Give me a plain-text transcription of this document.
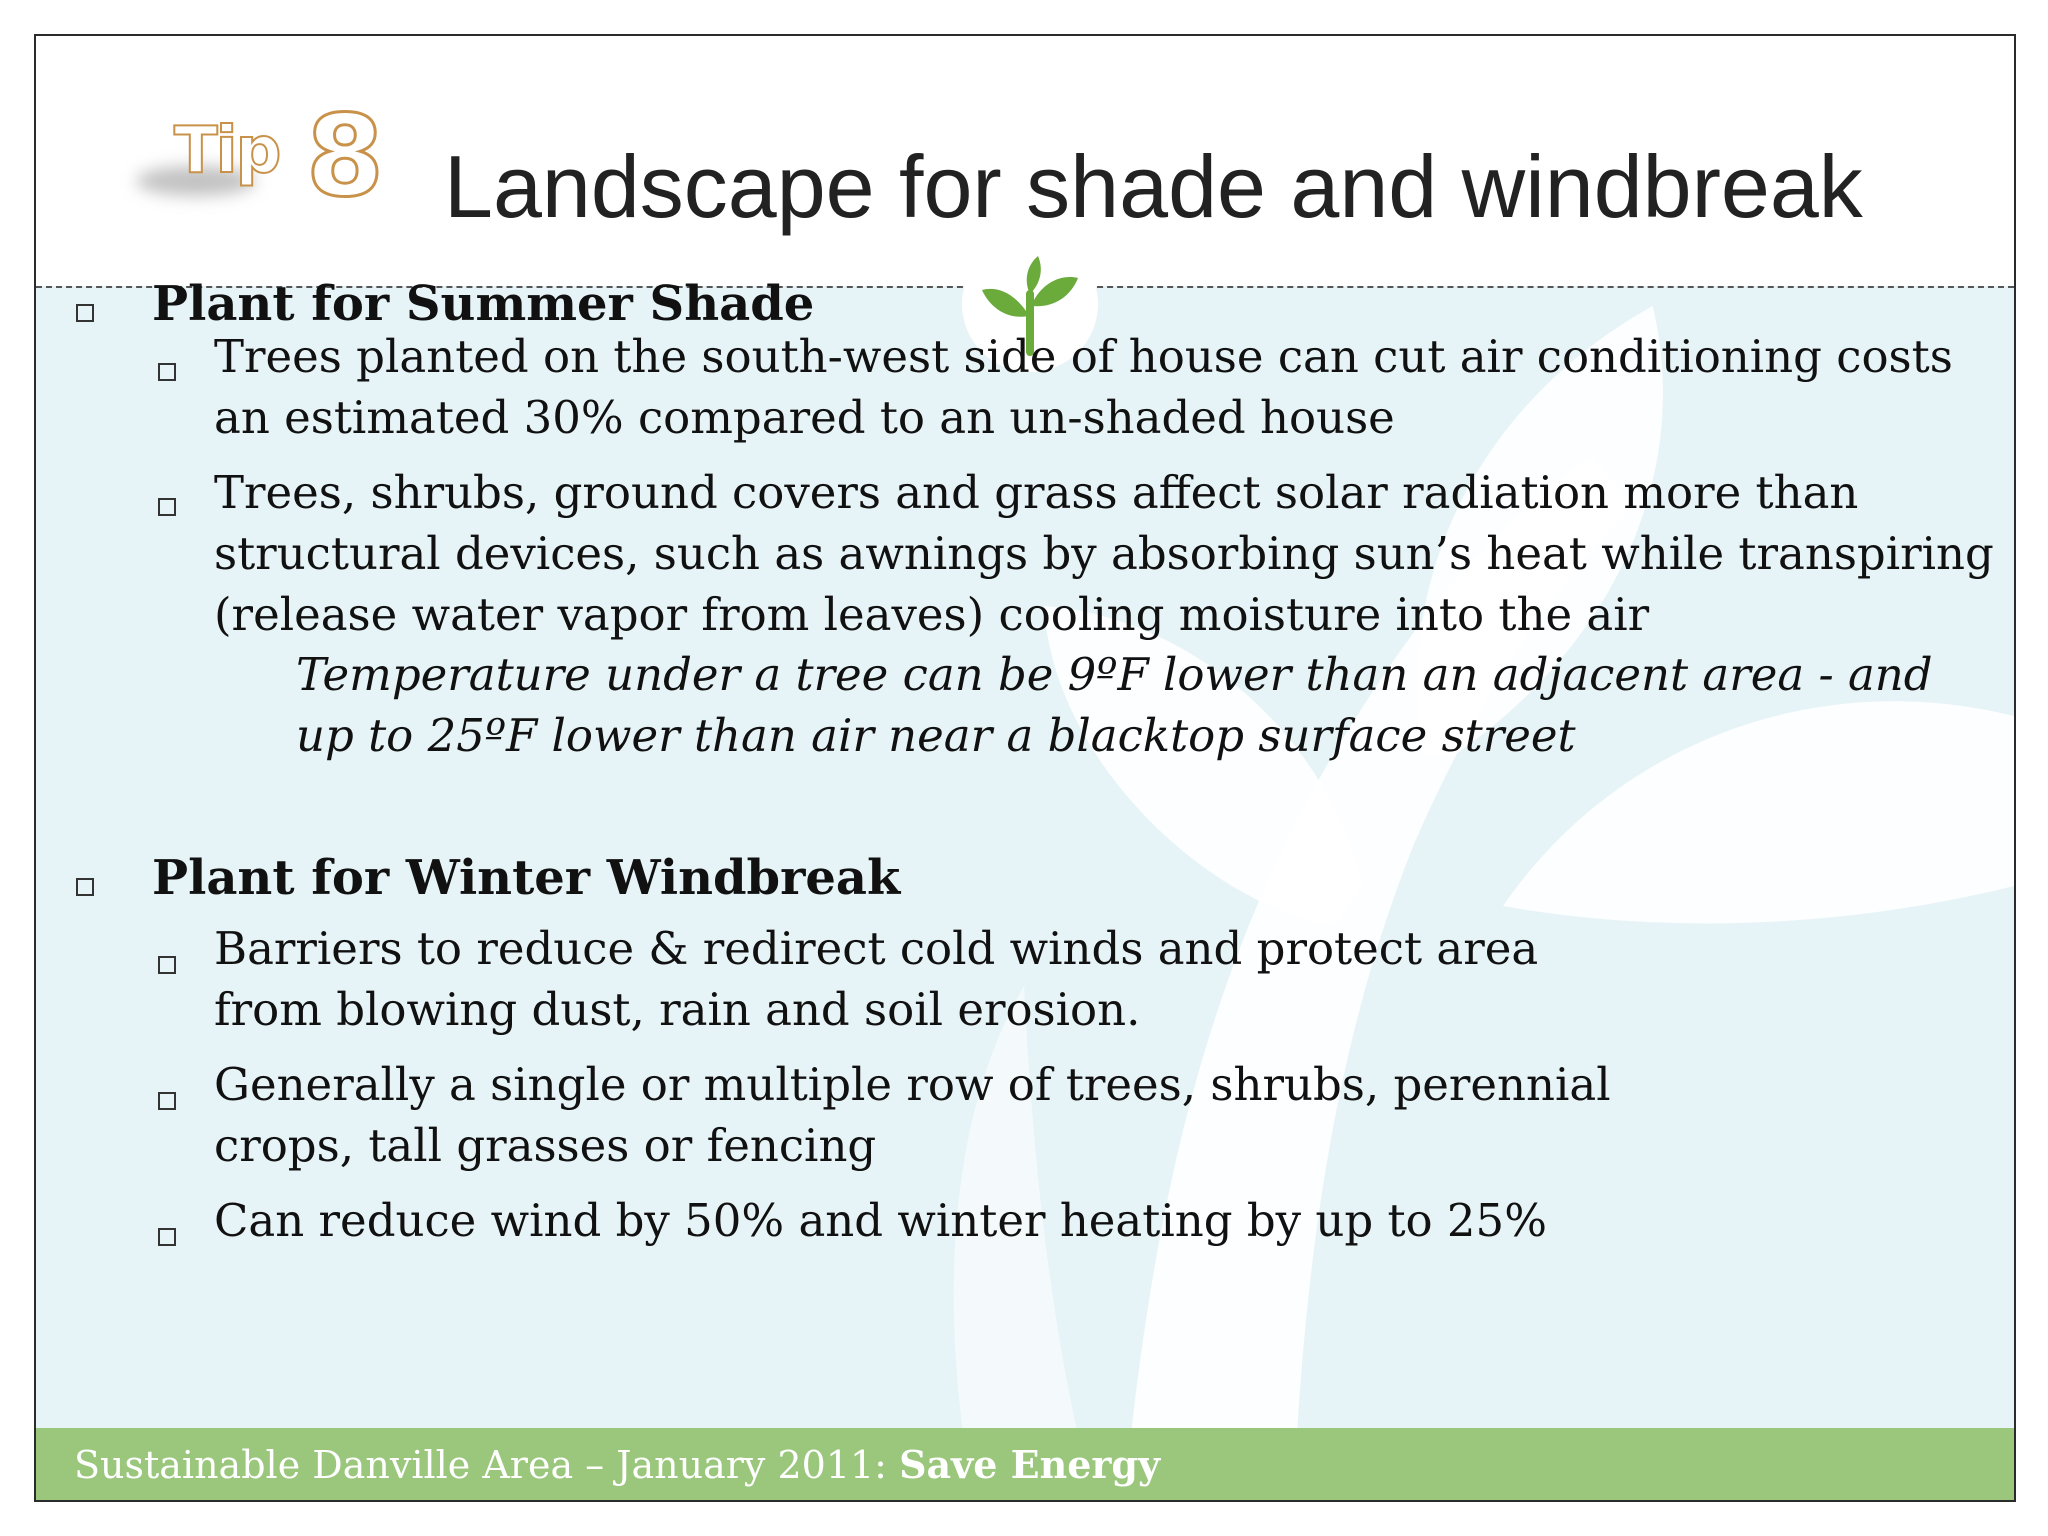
Tip 8 Landscape for shade and windbreak
Plant for Summer Shade
Trees planted on the south-west side of house can cut air conditioning costs an estimated 30% compared to an un-shaded house
Trees, shrubs, ground covers and grass affect solar radiation more than structural devices, such as awnings by absorbing sun’s heat while transpiring (release water vapor from leaves) cooling moisture into the air
Temperature under a tree can be 9ºF lower than an adjacent area - and up to 25ºF lower than air near a blacktop surface street
Plant for Winter Windbreak
Barriers to reduce & redirect cold winds and protect area from blowing dust, rain and soil erosion.
Generally a single or multiple row of trees, shrubs, perennial crops, tall grasses or fencing
Can reduce wind by 50% and winter heating by up to 25%
Sustainable Danville Area – January 2011: Save Energy
